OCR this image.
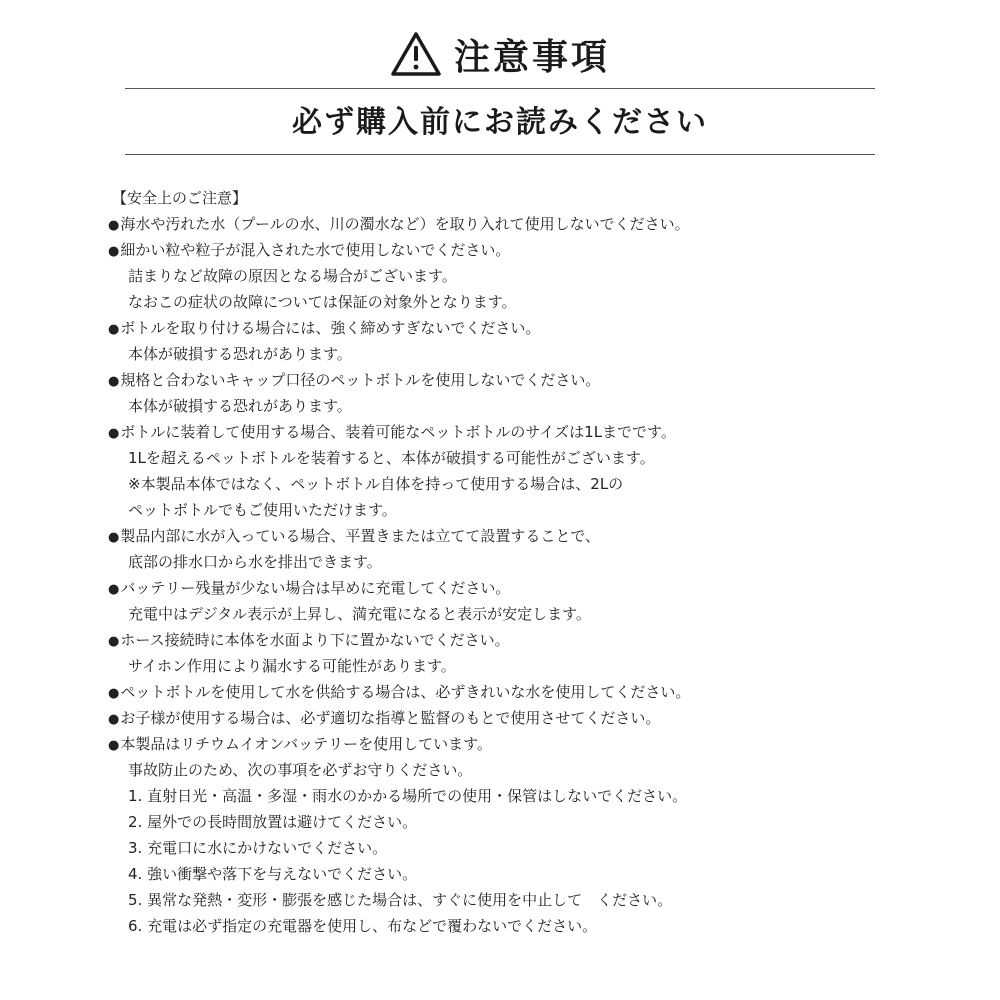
注意事項
必ず購入前にお読みください
【安全上のご注意】
● 海水や汚れた水（プールの水、川の濁水など）を取り入れて使用しないでください。
● 細かい粒や粒子が混入された水で使用しないでください。
詰まりなど故障の原因となる場合がございます。
なおこの症状の故障については保証の対象外となります。
● ボトルを取り付ける場合には、強く締めすぎないでください。
本体が破損する恐れがあります。
● 規格と合わないキャップ口径のペットボトルを使用しないでください。
本体が破損する恐れがあります。
● ボトルに装着して使用する場合、装着可能なペットボトルのサイズは1Lまでです。
1Lを超えるペットボトルを装着すると、本体が破損する可能性がございます。
※本製品本体ではなく、ペットボトル自体を持って使用する場合は、2Lの
ペットボトルでもご使用いただけます。
● 製品内部に水が入っている場合、平置きまたは立てて設置することで、
底部の排水口から水を排出できます。
● バッテリー残量が少ない場合は早めに充電してください。
充電中はデジタル表示が上昇し、満充電になると表示が安定します。
● ホース接続時に本体を水面より下に置かないでください。
サイホン作用により漏水する可能性があります。
● ペットボトルを使用して水を供給する場合は、必ずきれいな水を使用してください。
● お子様が使用する場合は、必ず適切な指導と監督のもとで使用させてください。
● 本製品はリチウムイオンバッテリーを使用しています。
事故防止のため、次の事項を必ずお守りください。
1. 直射日光・高温・多湿・雨水のかかる場所での使用・保管はしないでください。
2. 屋外での長時間放置は避けてください。
3. 充電口に水にかけないでください。
4. 強い衝撃や落下を与えないでください。
5. 異常な発熱・変形・膨張を感じた場合は、すぐに使用を中止して　ください。
6. 充電は必ず指定の充電器を使用し、布などで覆わないでください。
